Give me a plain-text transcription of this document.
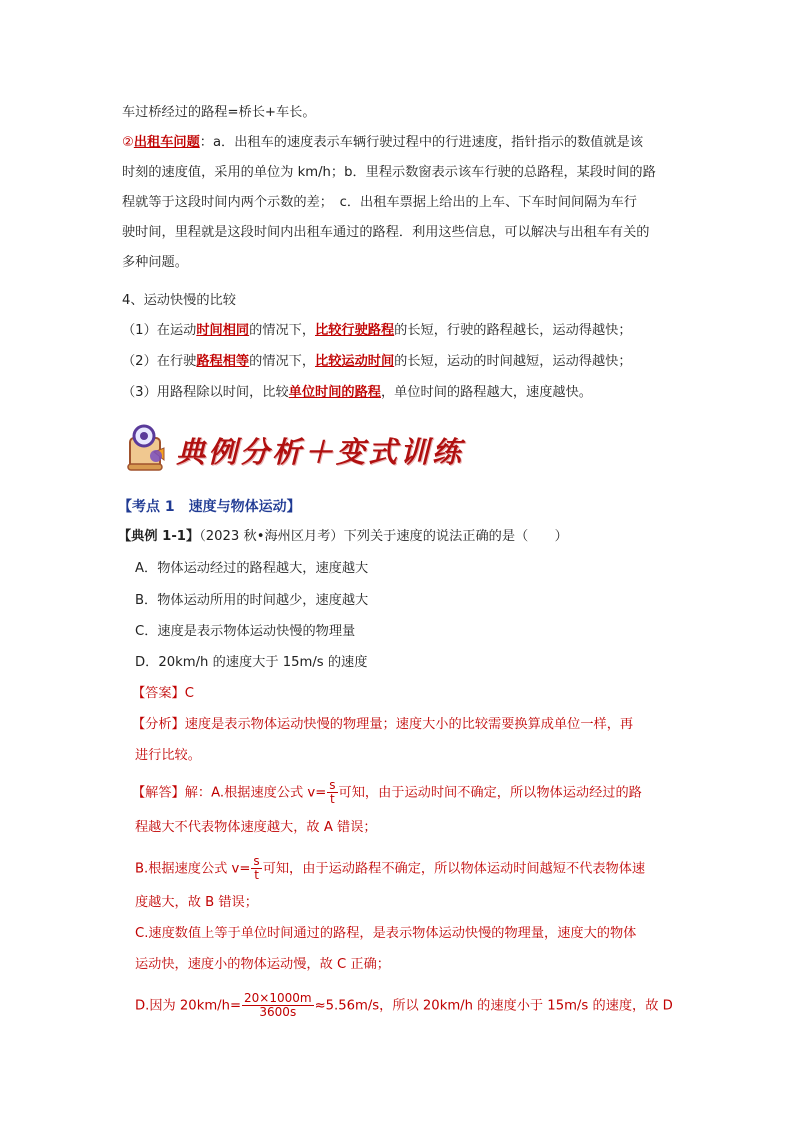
车过桥经过的路程=桥长+车长。
②出租车问题：a．出租车的速度表示车辆行驶过程中的行进速度，指针指示的数值就是该
时刻的速度值，采用的单位为 km/h；b．里程示数窗表示该车行驶的总路程，某段时间的路
程就等于这段时间内两个示数的差；　c．出租车票据上给出的上车、下车时间间隔为车行
驶时间，里程就是这段时间内出租车通过的路程．利用这些信息，可以解决与出租车有关的
多种问题。
4、运动快慢的比较
（1）在运动时间相同的情况下，比较行驶路程的长短，行驶的路程越长，运动得越快；
（2）在行驶路程相等的情况下，比较运动时间的长短，运动的时间越短，运动得越快；
（3）用路程除以时间，比较单位时间的路程，单位时间的路程越大，速度越快。
典例分析＋变式训练
【考点 1　速度与物体运动】
【典例 1-1】（2023 秋•海州区月考）下列关于速度的说法正确的是（　　）
A．物体运动经过的路程越大，速度越大
B．物体运动所用的时间越少，速度越大
C．速度是表示物体运动快慢的物理量
D．20km/h 的速度大于 15m/s 的速度
【答案】C
【分析】速度是表示物体运动快慢的物理量；速度大小的比较需要换算成单位一样，再
进行比较。
【解答】解：A.根据速度公式 $v= \frac{s}{t}$ 可知，由于运动时间不确定，所以物体运动经过的路
程越大不代表物体速度越大，故 A 错误；
B.根据速度公式 $v= \frac{s}{t}$ 可知，由于运动路程不确定，所以物体运动时间越短不代表物体速
度越大，故 B 错误；
C.速度数值上等于单位时间通过的路程，是表示物体运动快慢的物理量，速度大的物体
运动快，速度小的物体运动慢，故 C 正确；
D.因为 $20km/h= \frac{20\times 1000m}{3600s} \approx 5.56m/s$，所以 20km/h 的速度小于 15m/s 的速度，故 D
